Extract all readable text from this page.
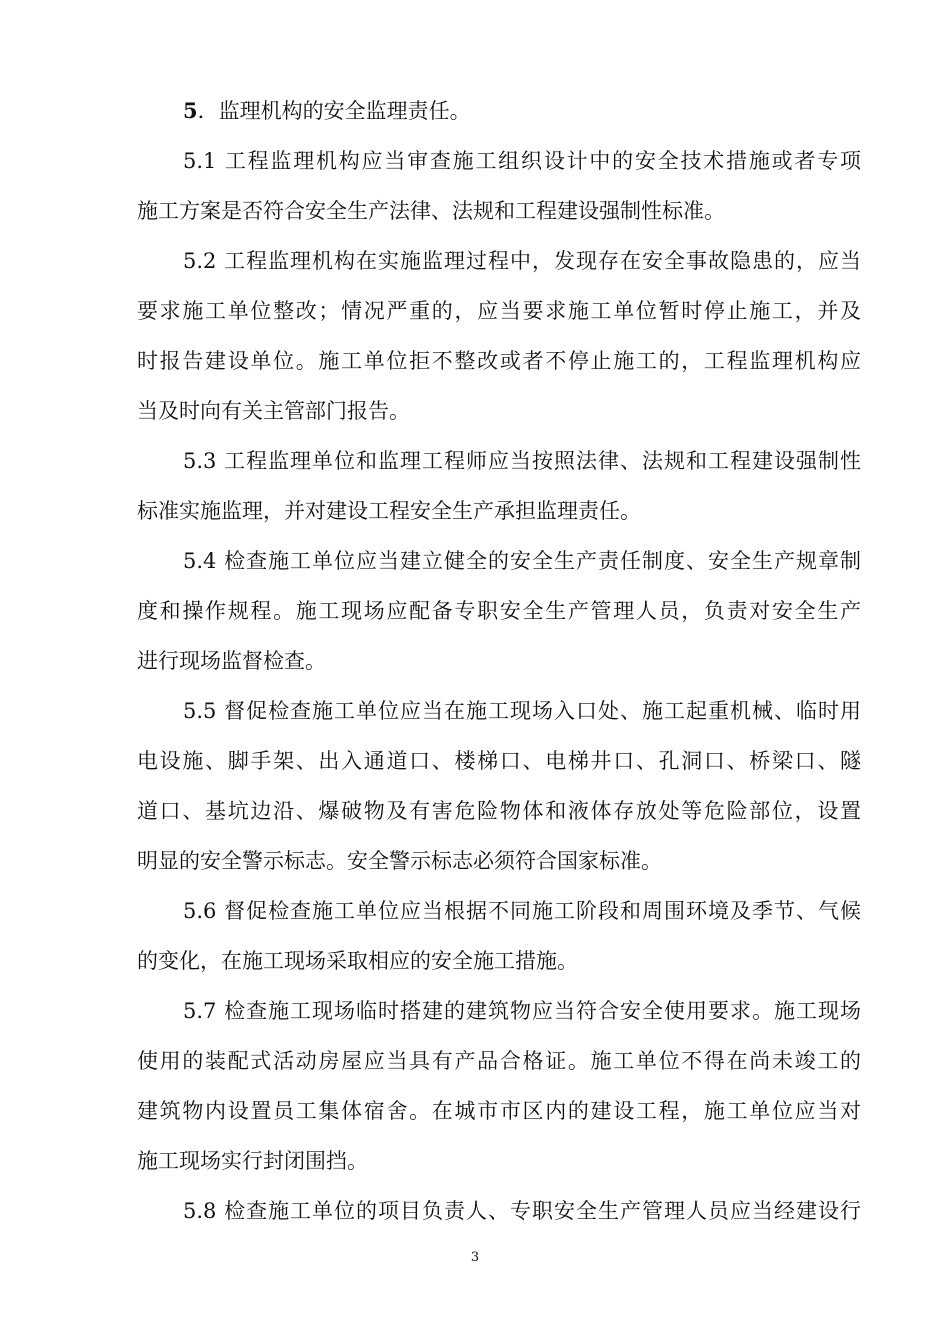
5．监理机构的安全监理责任。
5.1 工程监理机构应当审查施工组织设计中的安全技术措施或者专项
施工方案是否符合安全生产法律、法规和工程建设强制性标准。
5.2 工程监理机构在实施监理过程中，发现存在安全事故隐患的，应当
要求施工单位整改；情况严重的，应当要求施工单位暂时停止施工，并及
时报告建设单位。施工单位拒不整改或者不停止施工的，工程监理机构应
当及时向有关主管部门报告。
5.3 工程监理单位和监理工程师应当按照法律、法规和工程建设强制性
标准实施监理，并对建设工程安全生产承担监理责任。
5.4 检查施工单位应当建立健全的安全生产责任制度、安全生产规章制
度和操作规程。施工现场应配备专职安全生产管理人员，负责对安全生产
进行现场监督检查。
5.5 督促检查施工单位应当在施工现场入口处、施工起重机械、临时用
电设施、脚手架、出入通道口、楼梯口、电梯井口、孔洞口、桥梁口、隧
道口、基坑边沿、爆破物及有害危险物体和液体存放处等危险部位，设置
明显的安全警示标志。安全警示标志必须符合国家标准。
5.6 督促检查施工单位应当根据不同施工阶段和周围环境及季节、气候
的变化，在施工现场采取相应的安全施工措施。
5.7 检查施工现场临时搭建的建筑物应当符合安全使用要求。施工现场
使用的装配式活动房屋应当具有产品合格证。施工单位不得在尚未竣工的
建筑物内设置员工集体宿舍。在城市市区内的建设工程，施工单位应当对
施工现场实行封闭围挡。
5.8 检查施工单位的项目负责人、专职安全生产管理人员应当经建设行
3
